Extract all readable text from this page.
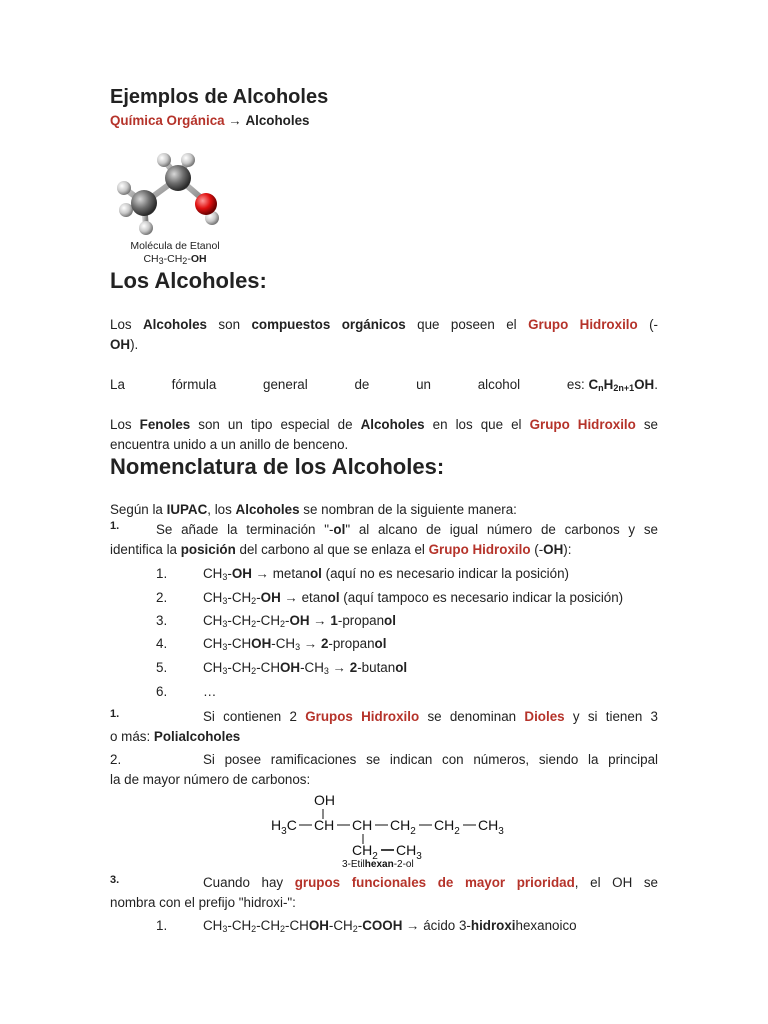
Ejemplos de Alcoholes
Química Orgánica → Alcoholes
Molécula de Etanol
$CH_3-CH_2-OH$
Los Alcoholes:
Los Alcoholes son compuestos orgánicos que poseen el Grupo Hidroxilo (-
OH).
La	fórmula	general	de	un	alcohol	es: $C_nH_{2n+1}OH$.
Los Fenoles son un tipo especial de Alcoholes en los que el Grupo Hidroxilo se
encuentra unido a un anillo de benceno.
Nomenclatura de los Alcoholes:
Según la IUPAC, los Alcoholes se nombran de la siguiente manera:
1.	Se añade la terminación "-ol" al alcano de igual número de carbonos y se
identifica la posición del carbono al que se enlaza el Grupo Hidroxilo (-OH):
1.	$CH_3-OH$ → metanol (aquí no es necesario indicar la posición)
2.	$CH_3-CH_2-OH$ → etanol (aquí tampoco es necesario indicar la posición)
3.	$CH_3-CH_2-CH_2-OH$ → 1-propanol
4.	$CH_3-CHOH-CH_3$ → 2-propanol
5.	$CH_3-CH_2-CHOH-CH_3$ → 2-butanol
6.	…
1.	Si contienen 2 Grupos Hidroxilo se denominan Dioles y si tienen 3
o más: Polialcoholes
2.	Si posee ramificaciones se indican con números, siendo la principal
la de mayor número de carbonos:
OH
$H_3C$ CH CH $CH_2$ $CH_2$ $CH_3$
$CH_2$ $CH_3$
3-Etilhexan-2-ol
3.	Cuando hay grupos funcionales de mayor prioridad, el OH se
nombra con el prefijo "hidroxi-":
1.	$CH_3-CH_2-CH_2-CHOH-CH_2$-COOH → ácido 3-hidroxihexanoico
